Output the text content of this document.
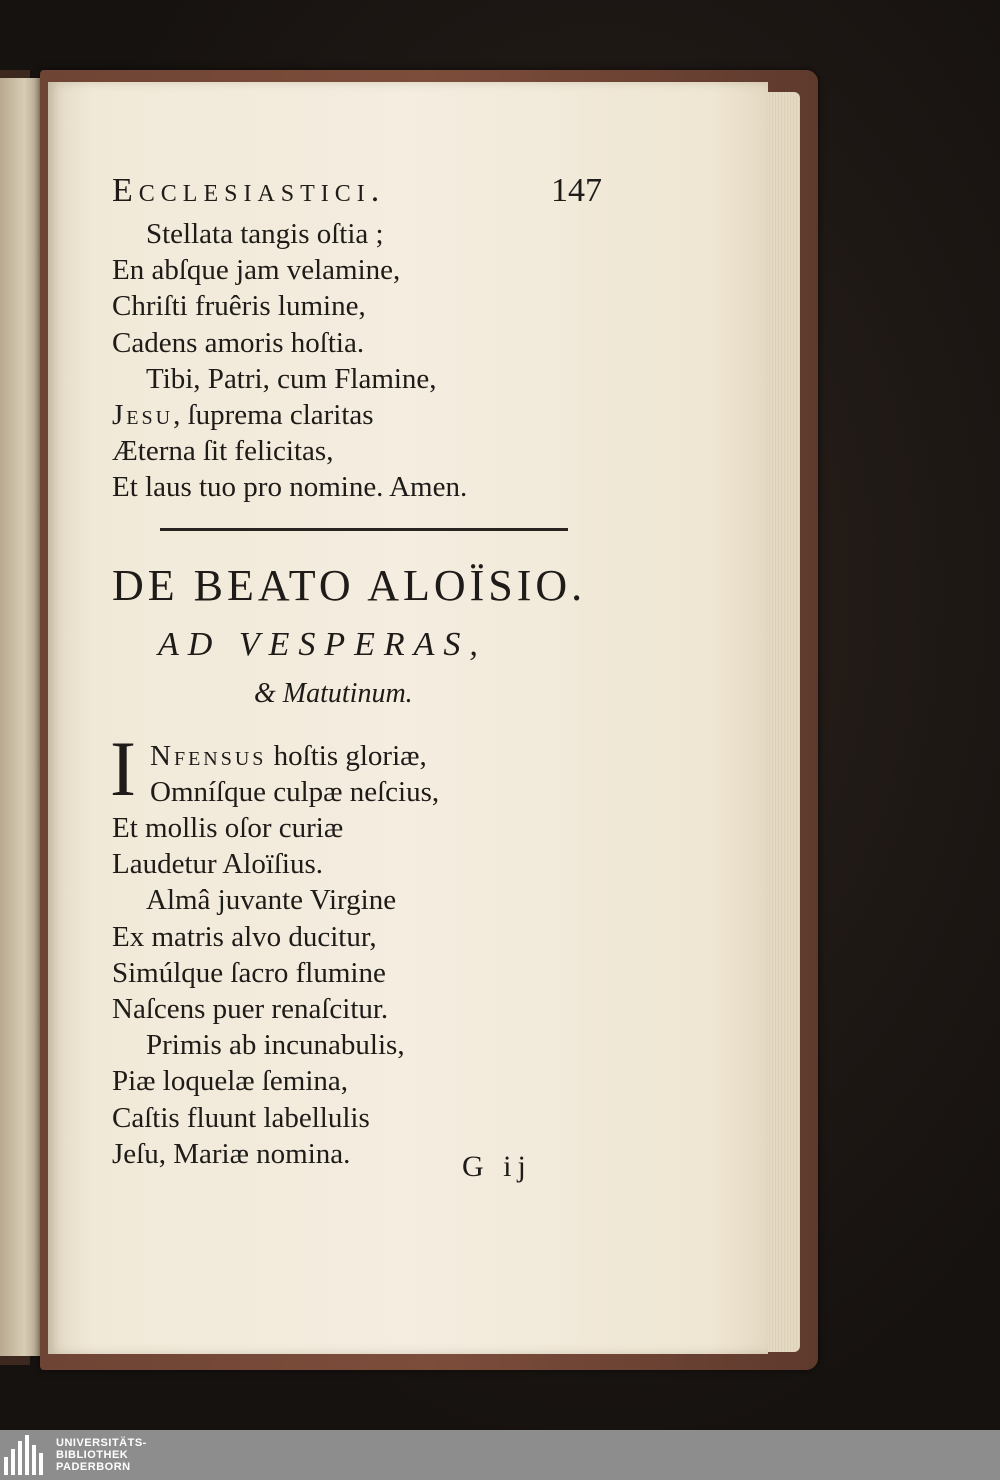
Ecclesiastici.	147
Stellata tangis oſtia ;
En abſque jam velamine,
Chriſti fruêris lumine,
Cadens amoris hoſtia.
Tibi, Patri, cum Flamine,
Jesu, ſuprema claritas
Æterna ſit felicitas,
Et laus tuo pro nomine. Amen.
DE BEATO ALOÏSIO.
AD VESPERAS,
& Matutinum.
I Nfensus hoſtis gloriæ,
Omníſque culpæ neſcius,
Et mollis oſor curiæ
Laudetur Aloïſius.
Almâ juvante Virgine
Ex matris alvo ducitur,
Simúlque ſacro flumine
Naſcens puer renaſcitur.
Primis ab incunabulis,
Piæ loquelæ ſemina,
Caſtis fluunt labellulis
Jeſu, Mariæ nomina.	G ij
UNIVERSITÄTS-
BIBLIOTHEK
PADERBORN
